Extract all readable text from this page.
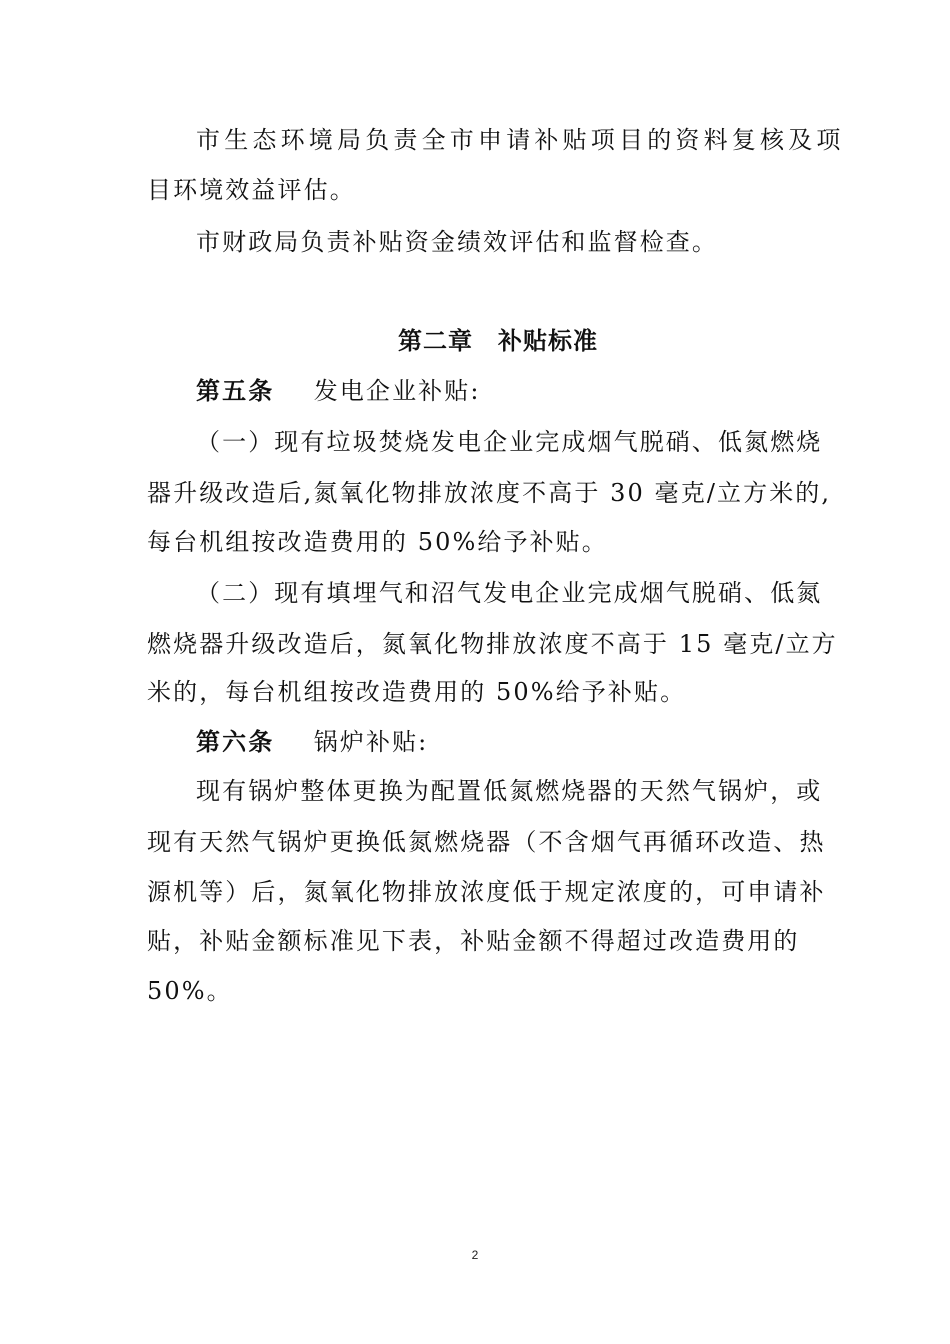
市生态环境局负责全市申请补贴项目的资料复核及项
目环境效益评估。
市财政局负责补贴资金绩效评估和监督检查。
第二章　补贴标准
第五条 发电企业补贴:
（一）现有垃圾焚烧发电企业完成烟气脱硝、低氮燃烧
器升级改造后,氮氧化物排放浓度不高于 30 毫克/立方米的,
每台机组按改造费用的 50%给予补贴。
（二）现有填埋气和沼气发电企业完成烟气脱硝、低氮
燃烧器升级改造后，氮氧化物排放浓度不高于 15 毫克/立方
米的，每台机组按改造费用的 50%给予补贴。
第六条 锅炉补贴:
现有锅炉整体更换为配置低氮燃烧器的天然气锅炉，或
现有天然气锅炉更换低氮燃烧器（不含烟气再循环改造、热
源机等）后，氮氧化物排放浓度低于规定浓度的，可申请补
贴，补贴金额标准见下表，补贴金额不得超过改造费用的
50%。
2
